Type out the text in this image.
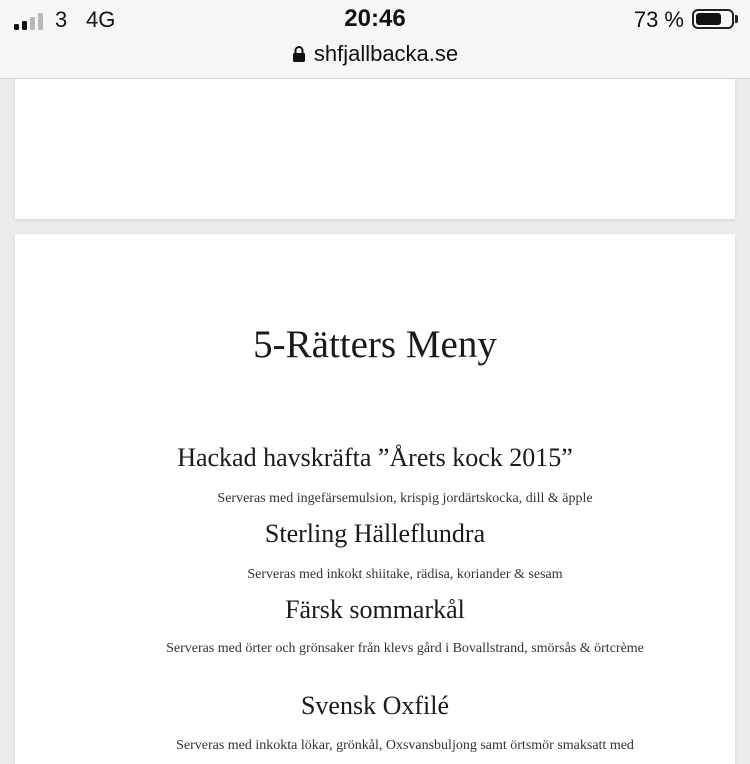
3 4G	20:46	73 %
shfjallbacka.se
5-Rätters Meny
Hackad havskräfta ”Årets kock 2015”
Serveras med ingefärsemulsion, krispig jordärtskocka, dill & äpple
Sterling Hälleflundra
Serveras med inkokt shiitake, rädisa, koriander & sesam
Färsk sommarkål
Serveras med örter och grönsaker från klevs gård i Bovallstrand, smörsås & örtcrème
Svensk Oxfilé
Serveras med inkokta lökar, grönkål, Oxsvansbuljong samt örtsmör smaksatt med
